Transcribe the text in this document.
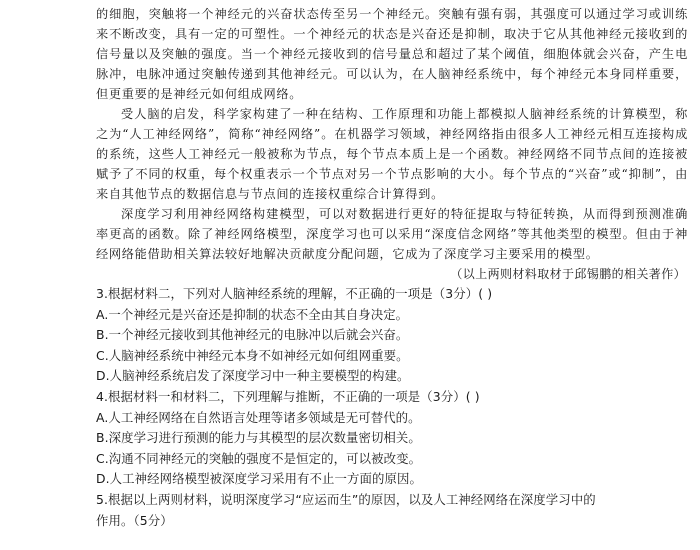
的细胞，突触将一个神经元的兴奋状态传至另一个神经元。突触有强有弱，其强度可以通过学习或训练来不断改变，具有一定的可塑性。一个神经元的状态是兴奋还是抑制，取决于它从其他神经元接收到的信号量以及突触的强度。当一个神经元接收到的信号量总和超过了某个阈值，细胞体就会兴奋，产生电脉冲，电脉冲通过突触传递到其他神经元。可以认为，在人脑神经系统中，每个神经元本身同样重要，但更重要的是神经元如何组成网络。

受人脑的启发，科学家构建了一种在结构、工作原理和功能上都模拟人脑神经系统的计算模型，称之为“人工神经网络”，简称“神经网络”。在机器学习领域，神经网络指由很多人工神经元相互连接构成的系统，这些人工神经元一般被称为节点，每个节点本质上是一个函数。神经网络不同节点间的连接被赋予了不同的权重，每个权重表示一个节点对另一个节点影响的大小。每个节点的“兴奋”或“抑制”，由来自其他节点的数据信息与节点间的连接权重综合计算得到。

深度学习利用神经网络构建模型，可以对数据进行更好的特征提取与特征转换，从而得到预测准确率更高的函数。除了神经网络模型，深度学习也可以采用“深度信念网络”等其他类型的模型。但由于神经网络能借助相关算法较好地解决贡献度分配问题，它成为了深度学习主要采用的模型。

（以上两则材料取材于邱锡鹏的相关著作）

3.根据材料二，下列对人脑神经系统的理解，不正确的一项是（3分）( )

A.一个神经元是兴奋还是抑制的状态不全由其自身决定。

B.一个神经元接收到其他神经元的电脉冲以后就会兴奋。

C.人脑神经系统中神经元本身不如神经元如何组网重要。

D.人脑神经系统启发了深度学习中一种主要模型的构建。

4.根据材料一和材料二，下列理解与推断，不正确的一项是（3分）( )

A.人工神经网络在自然语言处理等诸多领域是无可替代的。

B.深度学习进行预测的能力与其模型的层次数量密切相关。

C.沟通不同神经元的突触的强度不是恒定的，可以被改变。

D.人工神经网络模型被深度学习采用有不止一方面的原因。

5.根据以上两则材料，说明深度学习“应运而生”的原因，以及人工神经网络在深度学习中的作用。（5分）
